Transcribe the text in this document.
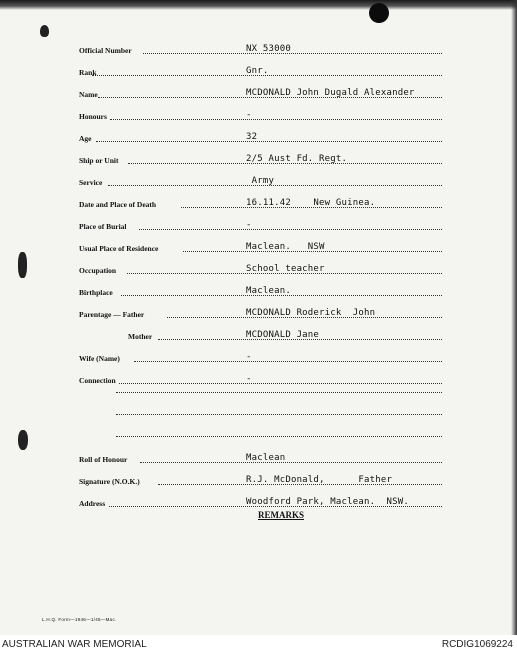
Official Number	NX 53000
Rank	Gnr.
Name	MCDONALD John Dugald Alexander
Honours	-
Age	32
Ship or Unit	2/5 Aust Fd. Regt.
Service	Army
Date and Place of Death	16.11.42    New Guinea.
Place of Burial	-
Usual Place of Residence	Maclean.   NSW
Occupation	School teacher
Birthplace	Maclean.
Parentage — Father	MCDONALD Roderick  John
Mother	MCDONALD Jane
Wife (Name)	-
Connection	-
Roll of Honour	Maclean
Signature (N.O.K.)	R.J. McDonald,      Father
Address	Woodford Park, Maclean.  NSW.
REMARKS
L.H.Q. Form—1946—1/45—Mac.
AUSTRALIAN WAR MEMORIAL	RCDIG1069224
